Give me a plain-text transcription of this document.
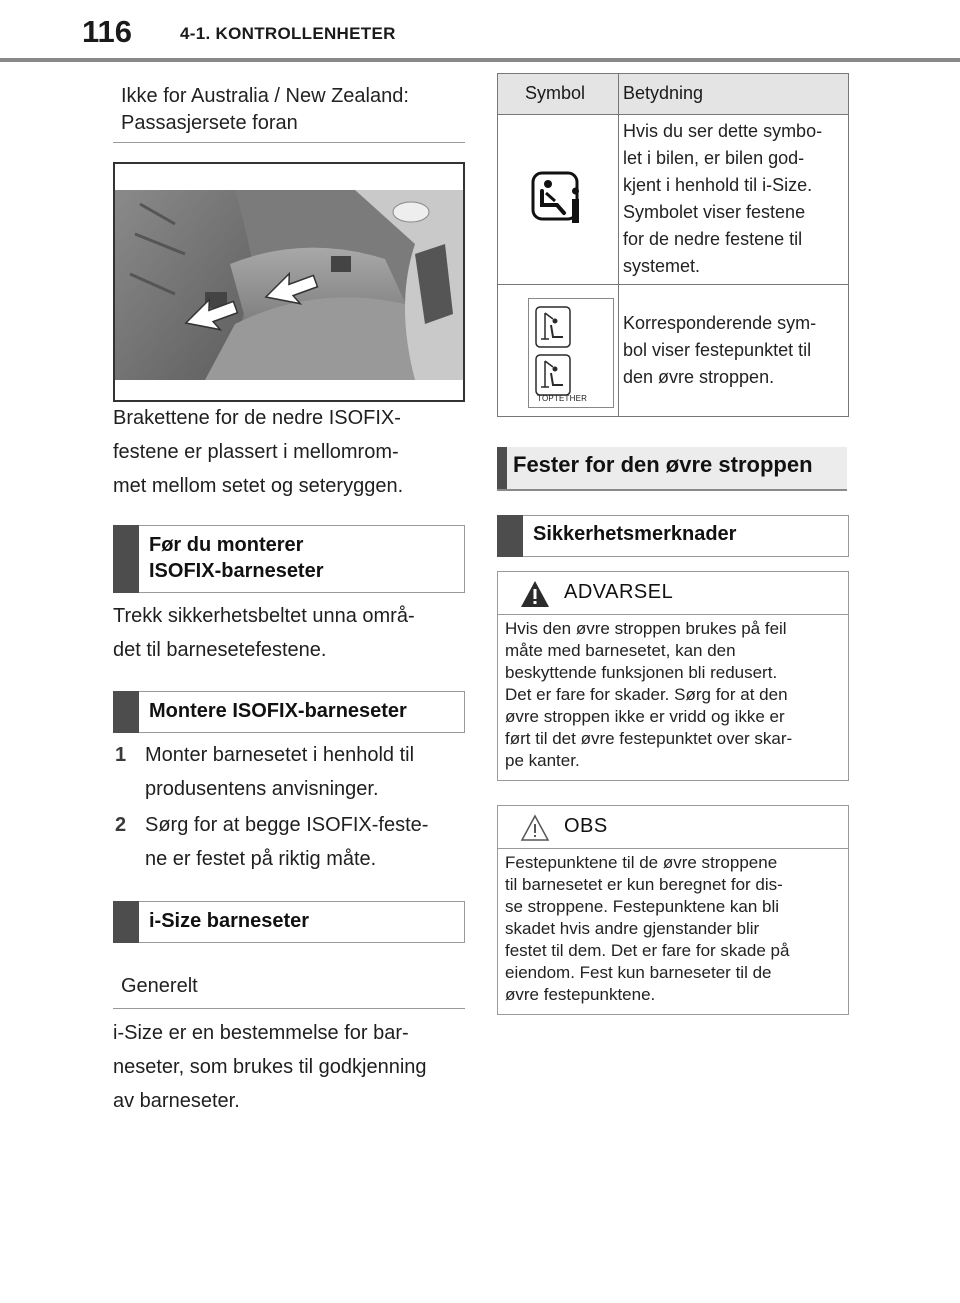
116	4-1. KONTROLLENHETER
Ikke for Australia / New Zealand:
Passasjersete foran
Brakettene for de nedre ISOFIX-
festene er plassert i mellomrom-
met mellom setet og seteryggen.
Før du monterer
ISOFIX-barneseter
Trekk sikkerhetsbeltet unna områ-
det til barnesetefestene.
Montere ISOFIX-barneseter
1 Monter barnesetet i henhold til
produsentens anvisninger.
2 Sørg for at begge ISOFIX-feste-
ne er festet på riktig måte.
i-Size barneseter
Generelt
i-Size er en bestemmelse for bar-
neseter, som brukes til godkjenning
av barneseter.
Symbol Betydning
Hvis du ser dette symbo-
let i bilen, er bilen god-
kjent i henhold til i-Size.
Symbolet viser festene
for de nedre festene til
systemet.
TOPTETHER
Korresponderende sym-
bol viser festepunktet til
den øvre stroppen.
Fester for den øvre stroppen
Sikkerhetsmerknader
ADVARSEL
Hvis den øvre stroppen brukes på feil
måte med barnesetet, kan den
beskyttende funksjonen bli redusert.
Det er fare for skader. Sørg for at den
øvre stroppen ikke er vridd og ikke er
ført til det øvre festepunktet over skar-
pe kanter.
OBS
Festepunktene til de øvre stroppene
til barnesetet er kun beregnet for dis-
se stroppene. Festepunktene kan bli
skadet hvis andre gjenstander blir
festet til dem. Det er fare for skade på
eiendom. Fest kun barneseter til de
øvre festepunktene.
